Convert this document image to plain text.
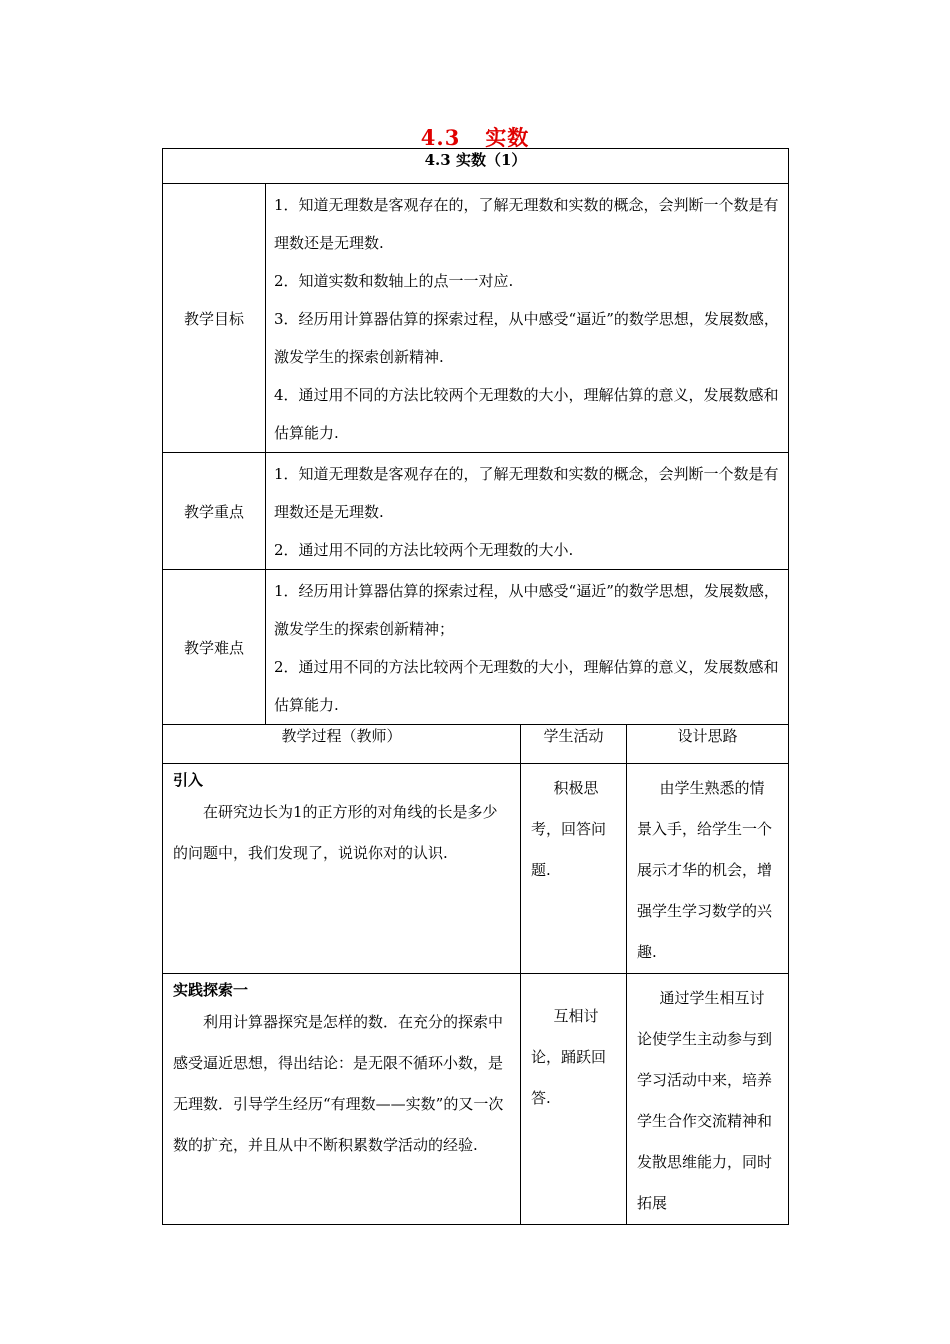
4.3   实数
4.3 实数（1）			
教学目标	1．知道无理数是客观存在的，了解无理数和实数的概念，会判断一个数是有理数还是无理数.

2．知道实数和数轴上的点一一对应.

3．经历用计算器估算的探索过程，从中感受“逼近”的数学思想，发展数感，激发学生的探索创新精神.

4．通过用不同的方法比较两个无理数的大小，理解估算的意义，发展数感和估算能力.		

教学重点	1．知道无理数是客观存在的，了解无理数和实数的概念，会判断一个数是有理数还是无理数.

2．通过用不同的方法比较两个无理数的大小.		

教学难点	1．经历用计算器估算的探索过程，从中感受“逼近”的数学思想，发展数感，激发学生的探索创新精神；

2．通过用不同的方法比较两个无理数的大小，理解估算的意义，发展数感和估算能力.		

教学过程（教师）		学生活动	设计思路

引入

在研究边长为1的正方形的对角线的长是多少的问题中，我们发现了，说说你对的认识.		积极思考，回答问题.	由学生熟悉的情景入手，给学生一个展示才华的机会，增强学生学习数学的兴趣.

实践探索一

利用计算器探究是怎样的数．在充分的探索中感受逼近思想，得出结论：是无限不循环小数，是无理数．引导学生经历“有理数——实数”的又一次数的扩充，并且从中不断积累数学活动的经验.		互相讨论，踊跃回答.	通过学生相互讨论使学生主动参与到学习活动中来，培养学生合作交流精神和发散思维能力，同时拓展
